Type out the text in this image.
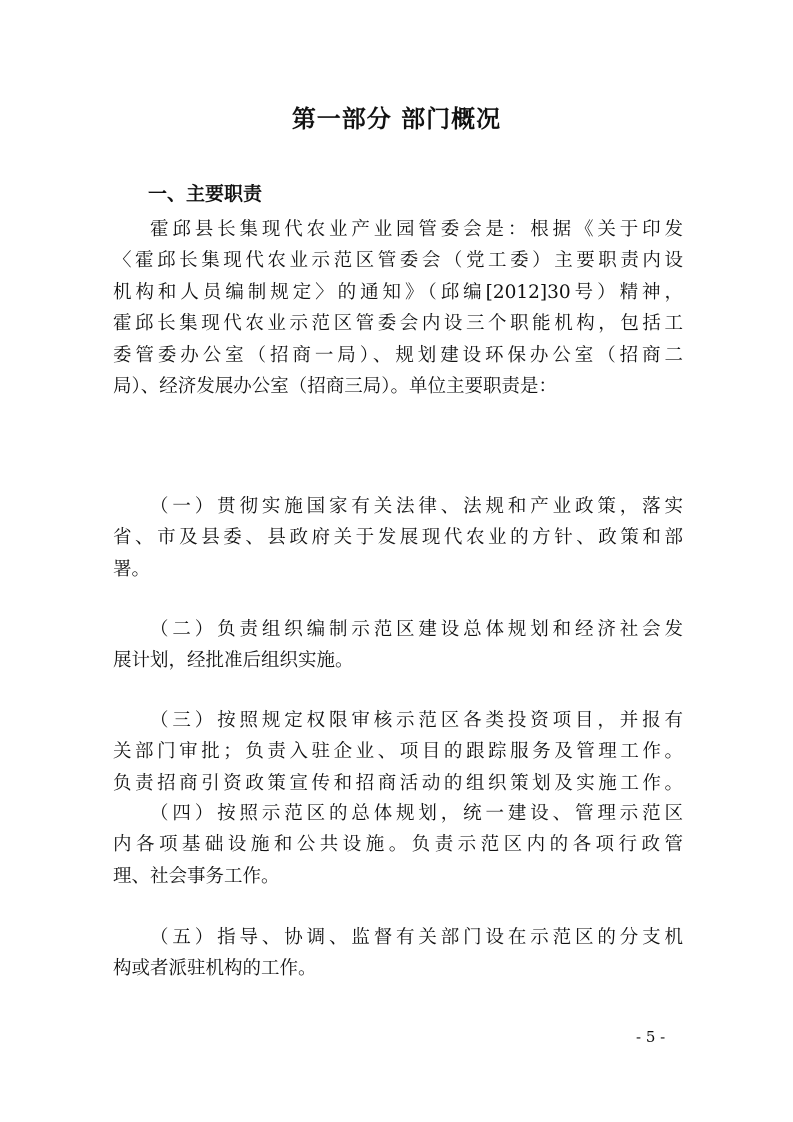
第一部分 部门概况
一、主要职责
霍邱县长集现代农业产业园管委会是：根据《关于印发
〈霍邱长集现代农业示范区管委会（党工委）主要职责内设
机构和人员编制规定〉的通知》（邱编[2012]30号）精神，
霍邱长集现代农业示范区管委会内设三个职能机构，包括工
委管委办公室（招商一局）、规划建设环保办公室（招商二
局）、经济发展办公室（招商三局）。单位主要职责是：
（一）贯彻实施国家有关法律、法规和产业政策，落实
省、市及县委、县政府关于发展现代农业的方针、政策和部
署。
（二）负责组织编制示范区建设总体规划和经济社会发
展计划，经批准后组织实施。
（三）按照规定权限审核示范区各类投资项目，并报有
关部门审批；负责入驻企业、项目的跟踪服务及管理工作。
负责招商引资政策宣传和招商活动的组织策划及实施工作。
（四）按照示范区的总体规划，统一建设、管理示范区
内各项基础设施和公共设施。负责示范区内的各项行政管
理、社会事务工作。
（五）指导、协调、监督有关部门设在示范区的分支机
构或者派驻机构的工作。
- 5 -
